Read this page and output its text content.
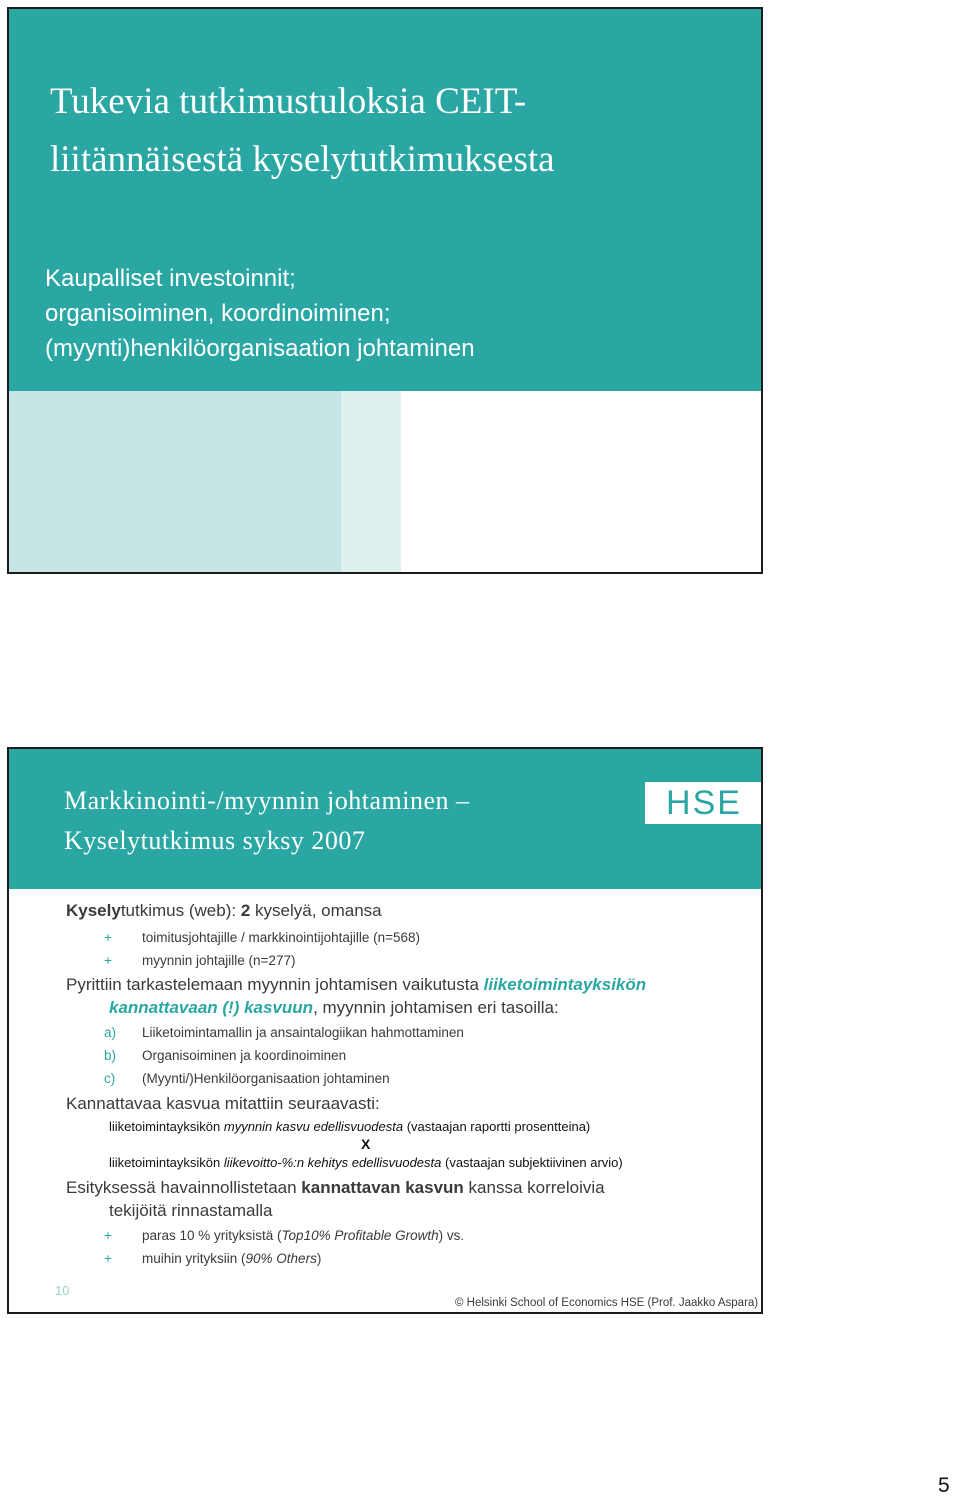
Tukevia tutkimustuloksia CEIT-
liitännäisestä kyselytutkimuksesta
Kaupalliset investoinnit;
organisoiminen, koordinoiminen;
(myynti)henkilöorganisaation johtaminen
Markkinointi-/myynnin johtaminen –
Kyselytutkimus syksy 2007
HSE
Kyselytutkimus (web): 2 kyselyä, omansa
+ toimitusjohtajille / markkinointijohtajille (n=568)
+ myynnin johtajille (n=277)
Pyrittiin tarkastelemaan myynnin johtamisen vaikutusta liiketoimintayksikön
kannattavaan (!) kasvuun, myynnin johtamisen eri tasoilla:
a) Liiketoimintamallin ja ansaintalogiikan hahmottaminen
b) Organisoiminen ja koordinoiminen
c) (Myynti/)Henkilöorganisaation johtaminen
Kannattavaa kasvua mitattiin seuraavasti:
liiketoimintayksikön myynnin kasvu edellisvuodesta (vastaajan raportti prosentteina)
X
liiketoimintayksikön liikevoitto-%:n kehitys edellisvuodesta (vastaajan subjektiivinen arvio)
Esityksessä havainnollistetaan kannattavan kasvun kanssa korreloivia
tekijöitä rinnastamalla
+ paras 10 % yrityksistä (Top10% Profitable Growth) vs.
+ muihin yrityksiin (90% Others)
10
© Helsinki School of Economics HSE (Prof. Jaakko Aspara)
5
